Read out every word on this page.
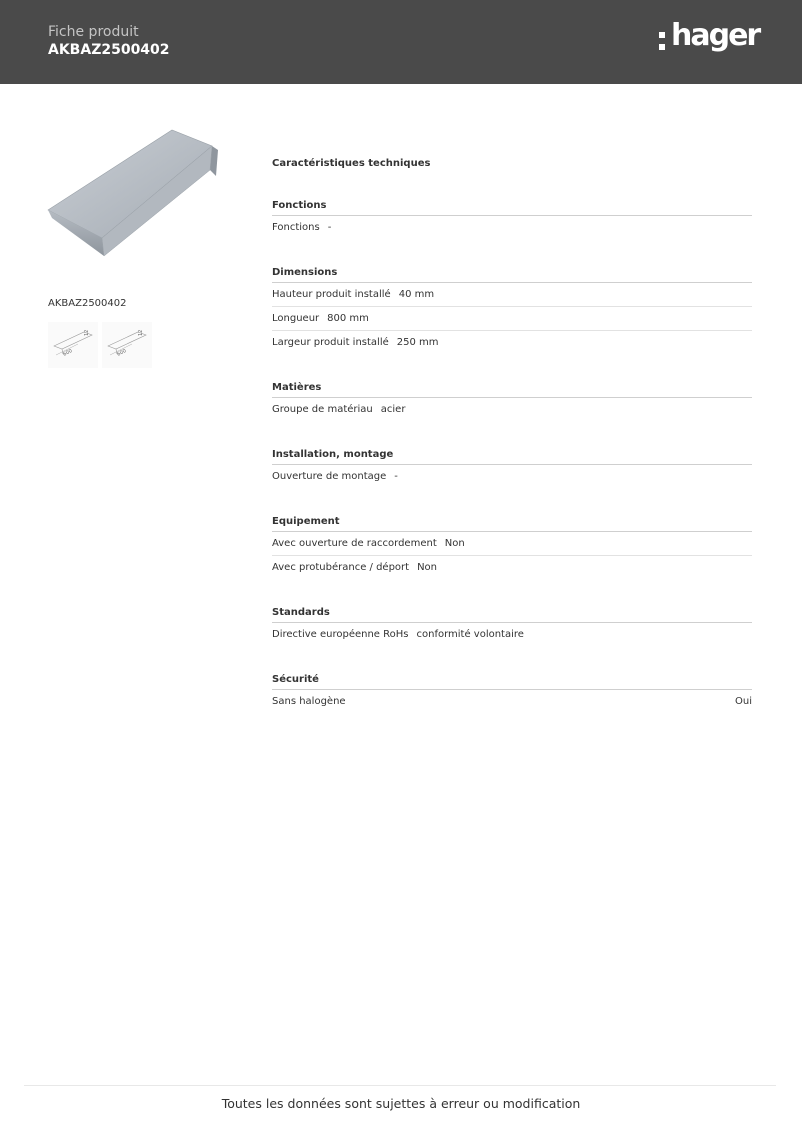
Fiche produit
AKBAZ2500402	hager
AKBAZ2500402
600
12
600
12
Caractéristiques techniques
Fonctions
Fonctions -
Dimensions
Hauteur produit installé 40 mm
Longueur 800 mm
Largeur produit installé 250 mm
Matières
Groupe de matériau acier
Installation, montage
Ouverture de montage -
Equipement
Avec ouverture de raccordement Non
Avec protubérance / déport Non
Standards
Directive européenne RoHs conformité volontaire
Sécurité
Sans halogène	Oui
Toutes les données sont sujettes à erreur ou modification
